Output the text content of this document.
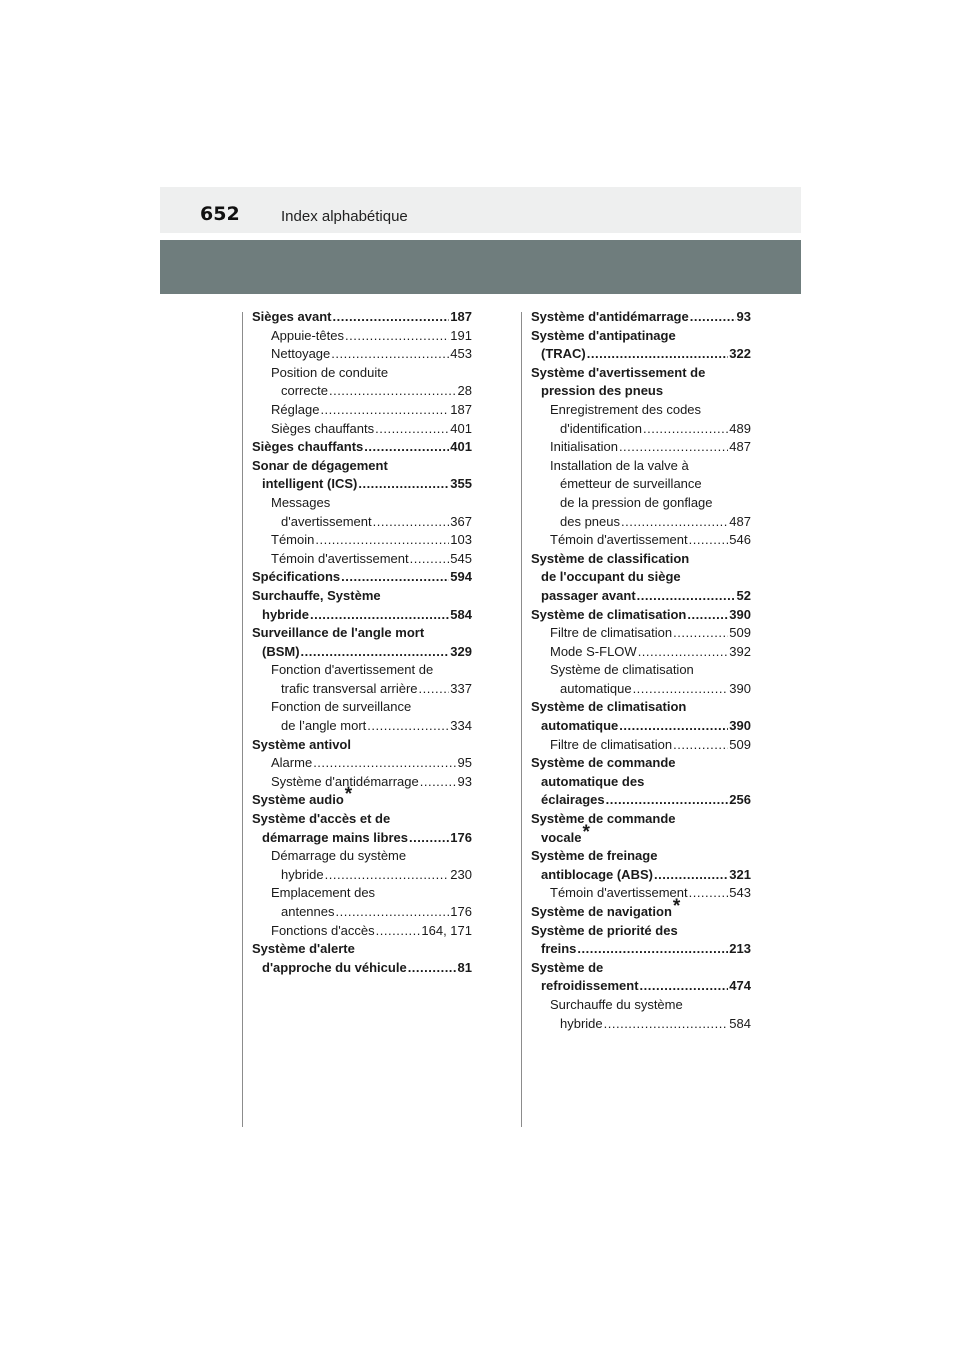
652	Index alphabétique
Sièges avant .....	187
Appuie-têtes .....	191
Nettoyage .....	453
Position de conduite
correcte .....	28
Réglage .....	187
Sièges chauffants .....	401
Sièges chauffants .....	401
Sonar de dégagement
intelligent (ICS) .....	355
Messages
d'avertissement .....	367
Témoin .....	103
Témoin d'avertissement .....	545
Spécifications .....	594
Surchauffe, Système
hybride .....	584
Surveillance de l'angle mort
(BSM) .....	329
Fonction d'avertissement de
trafic transversal arrière .....	337
Fonction de surveillance
de l’angle mort .....	334
Système antivol
Alarme .....	95
Système d'antidémarrage .....	93
Système audio*
Système d'accès et de
démarrage mains libres .....	176
Démarrage du système
hybride .....	230
Emplacement des
antennes .....	176
Fonctions d'accès .....	164, 171
Système d'alerte
d'approche du véhicule .....	81
Système d'antidémarrage .....	93
Système d'antipatinage
(TRAC) .....	322
Système d'avertissement de
pression des pneus
Enregistrement des codes
d'identification .....	489
Initialisation .....	487
Installation de la valve à
émetteur de surveillance
de la pression de gonflage
des pneus .....	487
Témoin d'avertissement .....	546
Système de classification
de l'occupant du siège
passager avant .....	52
Système de climatisation .....	390
Filtre de climatisation .....	509
Mode S-FLOW .....	392
Système de climatisation
automatique .....	390
Système de climatisation
automatique .....	390
Filtre de climatisation .....	509
Système de commande
automatique des
éclairages .....	256
Système de commande
vocale*
Système de freinage
antiblocage (ABS) .....	321
Témoin d'avertissement .....	543
Système de navigation*
Système de priorité des
freins .....	213
Système de
refroidissement .....	474
Surchauffe du système
hybride .....	584
